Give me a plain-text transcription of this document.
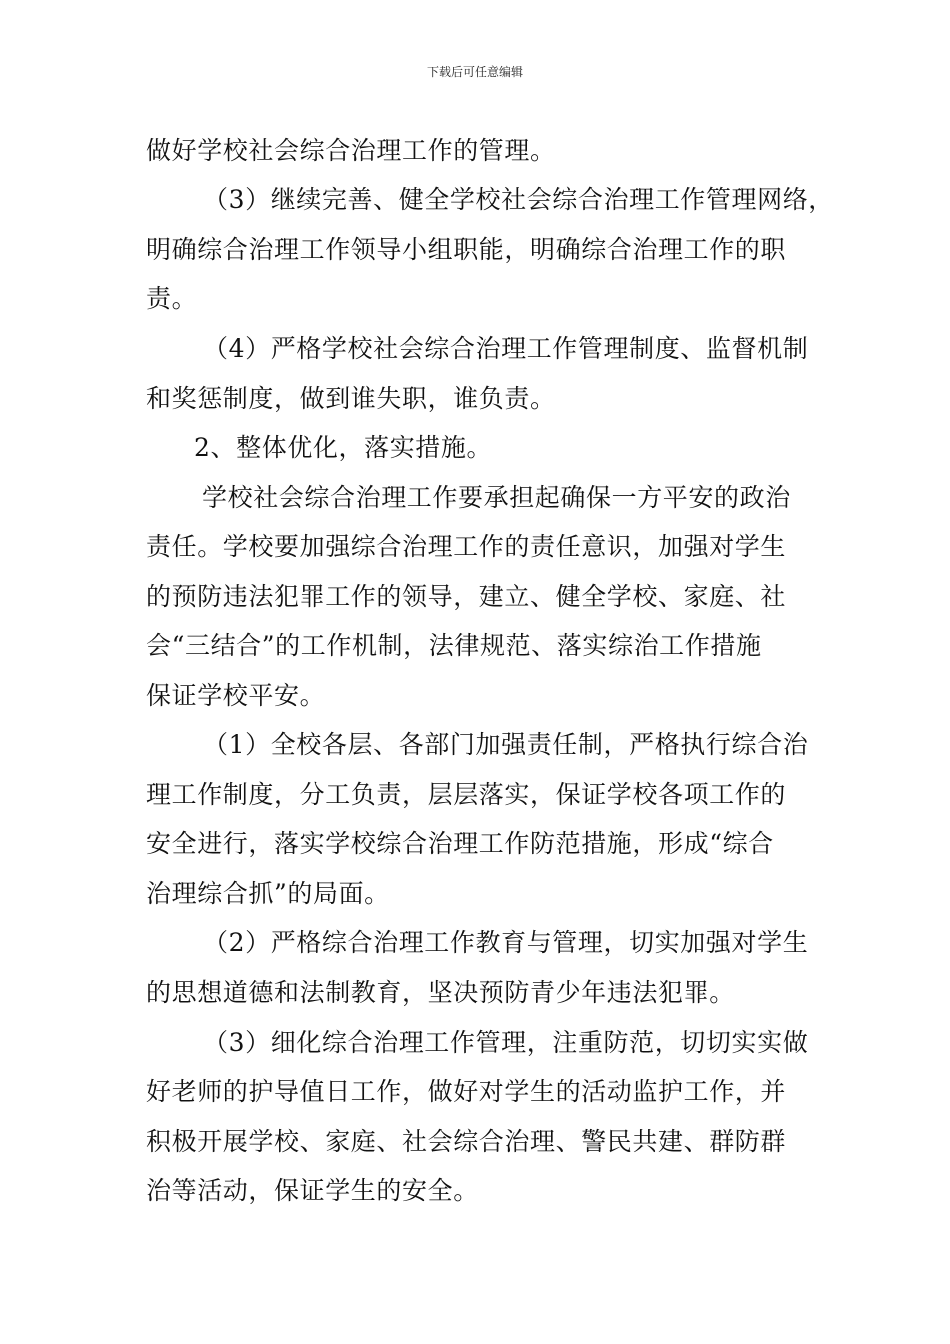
下载后可任意编辑
做好学校社会综合治理工作的管理。
（3）继续完善、健全学校社会综合治理工作管理网络，
明确综合治理工作领导小组职能，明确综合治理工作的职
责。
（4）严格学校社会综合治理工作管理制度、监督机制
和奖惩制度，做到谁失职，谁负责。
2、整体优化，落实措施。
学校社会综合治理工作要承担起确保一方平安的政治
责任。学校要加强综合治理工作的责任意识，加强对学生
的预防违法犯罪工作的领导，建立、健全学校、家庭、社
会“三结合”的工作机制，法律规范、落实综治工作措施
保证学校平安。
（1）全校各层、各部门加强责任制，严格执行综合治
理工作制度，分工负责，层层落实，保证学校各项工作的
安全进行，落实学校综合治理工作防范措施，形成“综合
治理综合抓”的局面。
（2）严格综合治理工作教育与管理，切实加强对学生
的思想道德和法制教育，坚决预防青少年违法犯罪。
（3）细化综合治理工作管理，注重防范，切切实实做
好老师的护导值日工作，做好对学生的活动监护工作，并
积极开展学校、家庭、社会综合治理、警民共建、群防群
治等活动，保证学生的安全。
